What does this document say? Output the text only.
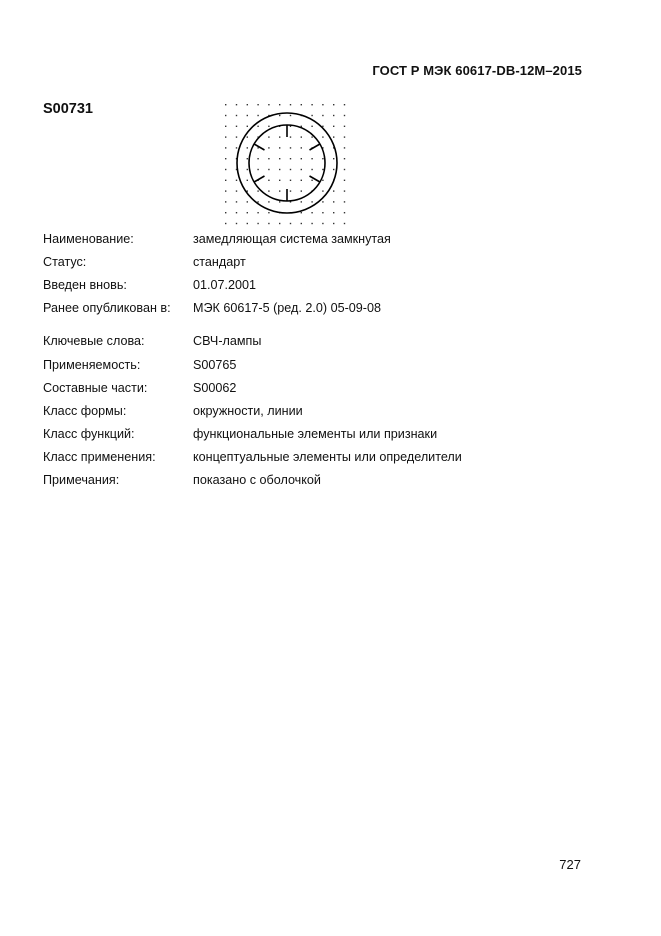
ГОСТ Р МЭК 60617-DB-12M–2015
S00731
Наименование:	замедляющая система замкнутая
Статус:	стандарт
Введен вновь:	01.07.2001
Ранее опубликован в:	МЭК 60617-5 (ред. 2.0) 05-09-08
Ключевые слова:	СВЧ-лампы
Применяемость:	S00765
Составные части:	S00062
Класс формы:	окружности, линии
Класс функций:	функциональные элементы или признаки
Класс применения:	концептуальные элементы или определители
Примечания:	показано с оболочкой
727
